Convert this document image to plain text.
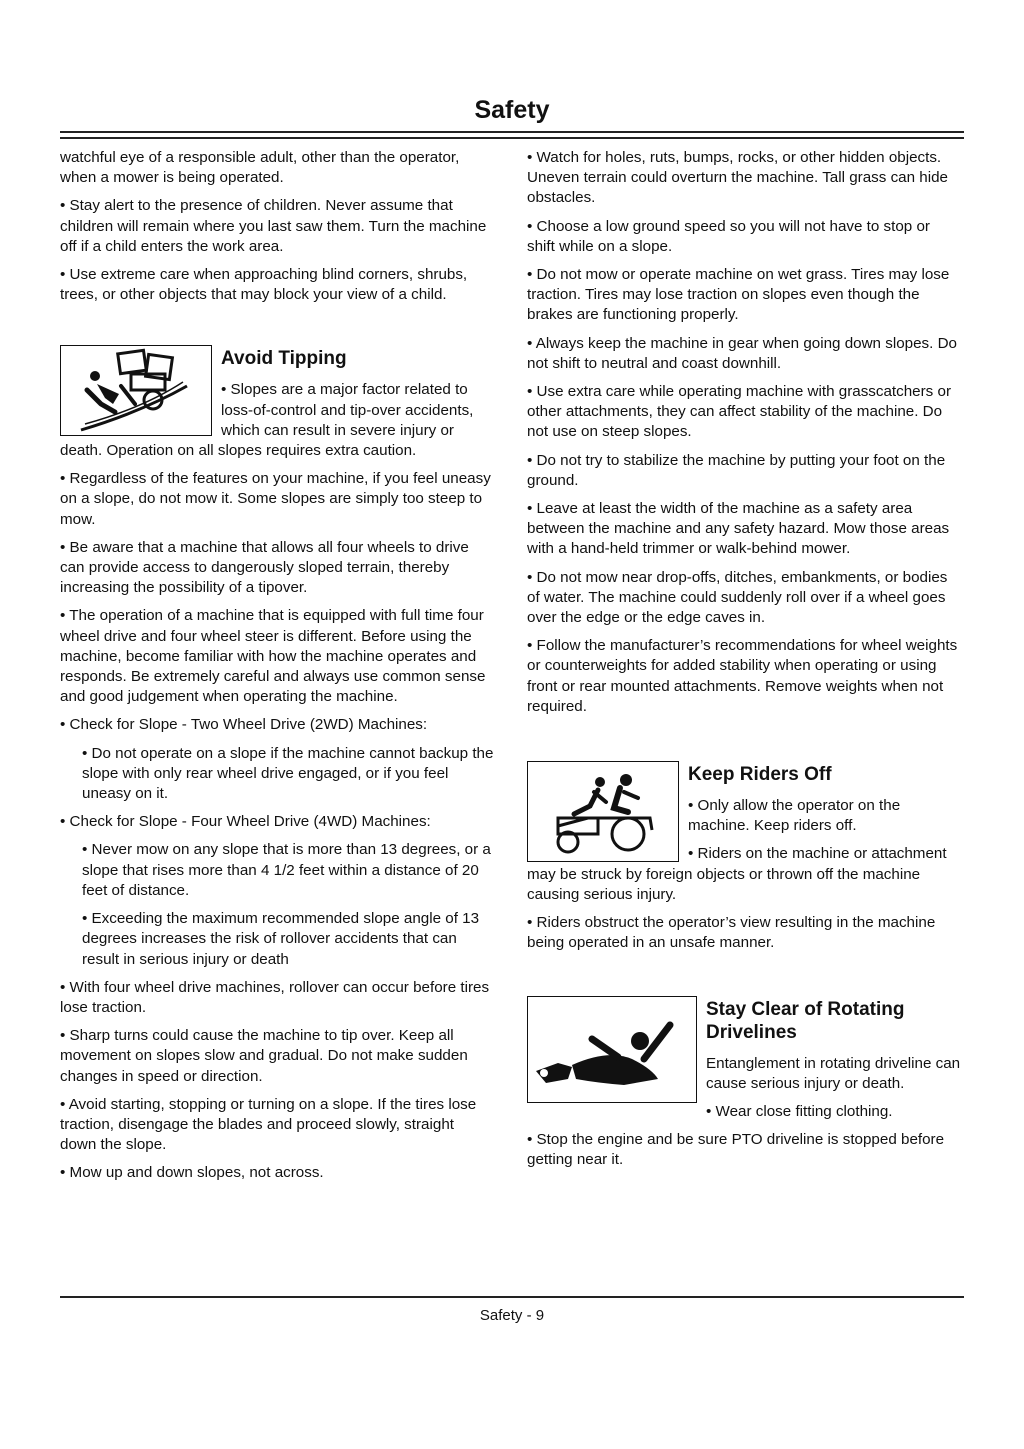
Safety

watchful eye of a responsible adult, other than the operator, when a mower is being operated.

• Stay alert to the presence of children. Never assume that children will remain where you last saw them. Turn the machine off if a child enters the work area.

• Use extreme care when approaching blind corners, shrubs, trees, or other objects that may block your view of a child.

Avoid Tipping

• Slopes are a major factor related to loss-of-control and tip-over accidents, which can result in severe injury or death. Operation on all slopes requires extra caution.

• Regardless of the features on your machine, if you feel uneasy on a slope, do not mow it. Some slopes are simply too steep to mow.

• Be aware that a machine that allows all four wheels to drive can provide access to dangerously sloped terrain, thereby increasing the possibility of a tipover.

• The operation of a machine that is equipped with full time four wheel drive and four wheel steer is different. Before using the machine, become familiar with how the machine operates and responds. Be extremely careful and always use common sense and good judgement when operating the machine.

• Check for Slope - Two Wheel Drive (2WD) Machines:

• Do not operate on a slope if the machine cannot backup the slope with only rear wheel drive engaged, or if you feel uneasy on it.

• Check for Slope - Four Wheel Drive (4WD) Machines:

• Never mow on any slope that is more than 13 degrees, or a slope that rises more than 4 1/2 feet within a distance of 20 feet of distance.

• Exceeding the maximum recommended slope angle of 13 degrees increases the risk of rollover accidents that can result in serious injury or death

• With four wheel drive machines, rollover can occur before tires lose traction.

• Sharp turns could cause the machine to tip over. Keep all movement on slopes slow and gradual. Do not make sudden changes in speed or direction.

• Avoid starting, stopping or turning on a slope. If the tires lose traction, disengage the blades and proceed slowly, straight down the slope.

• Mow up and down slopes, not across.

• Watch for holes, ruts, bumps, rocks, or other hidden objects. Uneven terrain could overturn the machine. Tall grass can hide obstacles.

• Choose a low ground speed so you will not have to stop or shift while on a slope.

• Do not mow or operate machine on wet grass. Tires may lose traction. Tires may lose traction on slopes even though the brakes are functioning properly.

• Always keep the machine in gear when going down slopes. Do not shift to neutral and coast downhill.

• Use extra care while operating machine with grasscatchers or other attachments, they can affect stability of the machine. Do not use on steep slopes.

• Do not try to stabilize the machine by putting your foot on the ground.

• Leave at least the width of the machine as a safety area between the machine and any safety hazard. Mow those areas with a hand-held trimmer or walk-behind mower.

• Do not mow near drop-offs, ditches, embankments, or bodies of water. The machine could suddenly roll over if a wheel goes over the edge or the edge caves in.

• Follow the manufacturer’s recommendations for wheel weights or counterweights for added stability when operating or using front or rear mounted attachments. Remove weights when not required.

Keep Riders Off

• Only allow the operator on the machine. Keep riders off.

• Riders on the machine or attachment may be struck by foreign objects or thrown off the machine causing serious injury.

• Riders obstruct the operator’s view resulting in the machine being operated in an unsafe manner.

Stay Clear of Rotating Drivelines

Entanglement in rotating driveline can cause serious injury or death.

• Wear close fitting clothing.

• Stop the engine and be sure PTO driveline is stopped before getting near it.

Safety - 9
